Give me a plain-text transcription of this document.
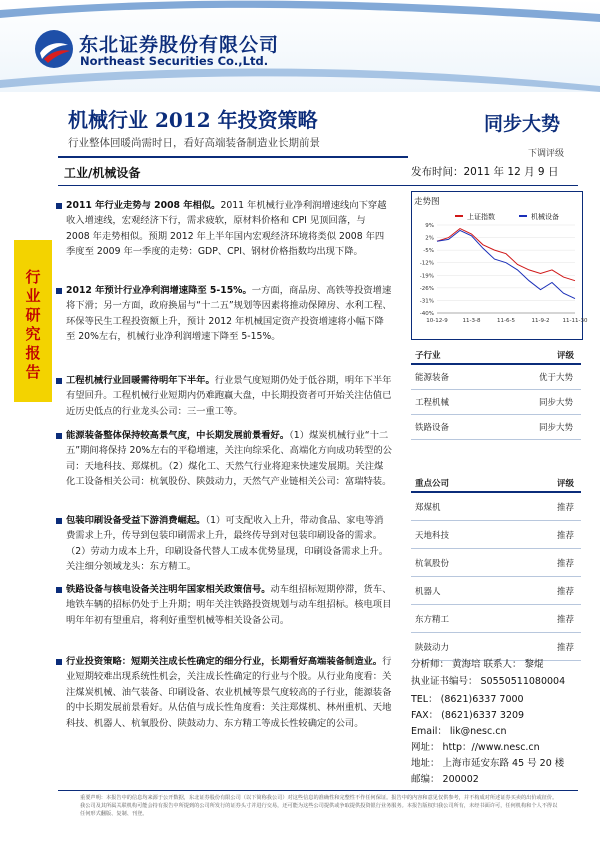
东北证券股份有限公司
Northeast Securities Co.,Ltd.
机械行业 2012 年投资策略
行业整体回暖尚需时日，看好高端装备制造业长期前景
同步大势
下调评级
工业/机械设备	发布时间：2011 年 12 月 9 日
行
业
研
究
报
告
2011 年行业走势与 2008 年相似。2011 年机械行业净利润增速线向下穿越收入增速线，宏观经济下行，需求疲软，原材料价格和 CPI 见顶回落，与 2008 年走势相似。预期 2012 年上半年国内宏观经济环境将类似 2008 年四季度至 2009 年一季度的走势：GDP、CPI、钢材价格指数均出现下降。
2012 年预计行业净利润增速降至 5-15%。一方面，商品房、高铁等投资增速将下滑；另一方面，政府换届与“十二五”规划等因素将推动保障房、水利工程、环保等民生工程投资额上升，预计 2012 年机械国定资产投资增速将小幅下降至 20%左右，机械行业净利润增速下降至 5-15%。
工程机械行业回暖需待明年下半年。行业景气度短期仍处于低谷期，明年下半年有望回升。工程机械行业短期内仍难跑赢大盘，中长期投资者可开始关注估值已近历史低点的行业龙头公司：三一重工等。
能源装备整体保持较高景气度，中长期发展前景看好。（1）煤炭机械行业“十二五”期间将保持 20%左右的平稳增速，关注向综采化、高端化方向成功转型的公司：天地科技、郑煤机。（2）煤化工、天然气行业将迎来快速发展期。关注煤化工设备相关公司：杭氧股份、陕鼓动力，天然气产业链相关公司：富瑞特装。
包装印刷设备受益下游消费崛起。（1）可支配收入上升，带动食品、家电等消费需求上升，传导到包装印刷需求上升，最终传导到对包装印刷设备的需求。（2）劳动力成本上升，印刷设备代替人工成本优势显现，印刷设备需求上升。关注细分领域龙头：东方精工。
铁路设备与核电设备关注明年国家相关政策信号。动车组招标短期停滞，货车、地铁车辆的招标仍处于上升期；明年关注铁路投资规划与动车组招标。核电项目明年年初有望重启，将利好重型机械等相关设备公司。
行业投资策略：短期关注成长性确定的细分行业，长期看好高端装备制造业。行业短期较难出现系统性机会，关注成长性确定的行业与个股。从行业角度看：关注煤炭机械、油气装备、印刷设备、农业机械等景气度较高的子行业，能源装备的中长期发展前景看好。从估值与成长性角度看：关注郑煤机、林州重机、天地科技、机器人、杭氧股份、陕鼓动力、东方精工等成长性较确定的公司。
走势图
上证指数	机械设备
9%
2%
-5%
-12%
-19%
-26%
-31%
-40%
10-12-9	11-3-8	11-6-5	11-9-2 11-11-30
子行业	评级
能源装备	优于大势
工程机械	同步大势
铁路设备	同步大势
重点公司	评级
郑煤机	推荐
天地科技	推荐
杭氧股份	推荐
机器人	推荐
东方精工	推荐
陕鼓动力	推荐
分析师： 黄海培 联系人： 黎焜
执业证书编号： S0550511080004
TEL： (8621)6337 7000
FAX： (8621)6337 3209
Email： lik@nesc.cn
网址： http：//www.nesc.cn
地址： 上海市延安东路 45 号 20 楼
邮编： 200002
重要声明：本报告中的信息均来源于公开数据，东北证券股份有限公司（以下简称我公司）对这些信息的准确性和完整性不作任何保证。报告中的内容和意见仅供参考，并不构成对所述证券买卖的出价或征价。我公司及其所属关联机构可能会持有报告中所提到的公司所发行的证券头寸并进行交易，还可能为这些公司提供或争取提供投资银行业务服务。本报告版权归我公司所有，未经书面许可，任何机构和个人不得以任何形式翻版、复制、刊登。
